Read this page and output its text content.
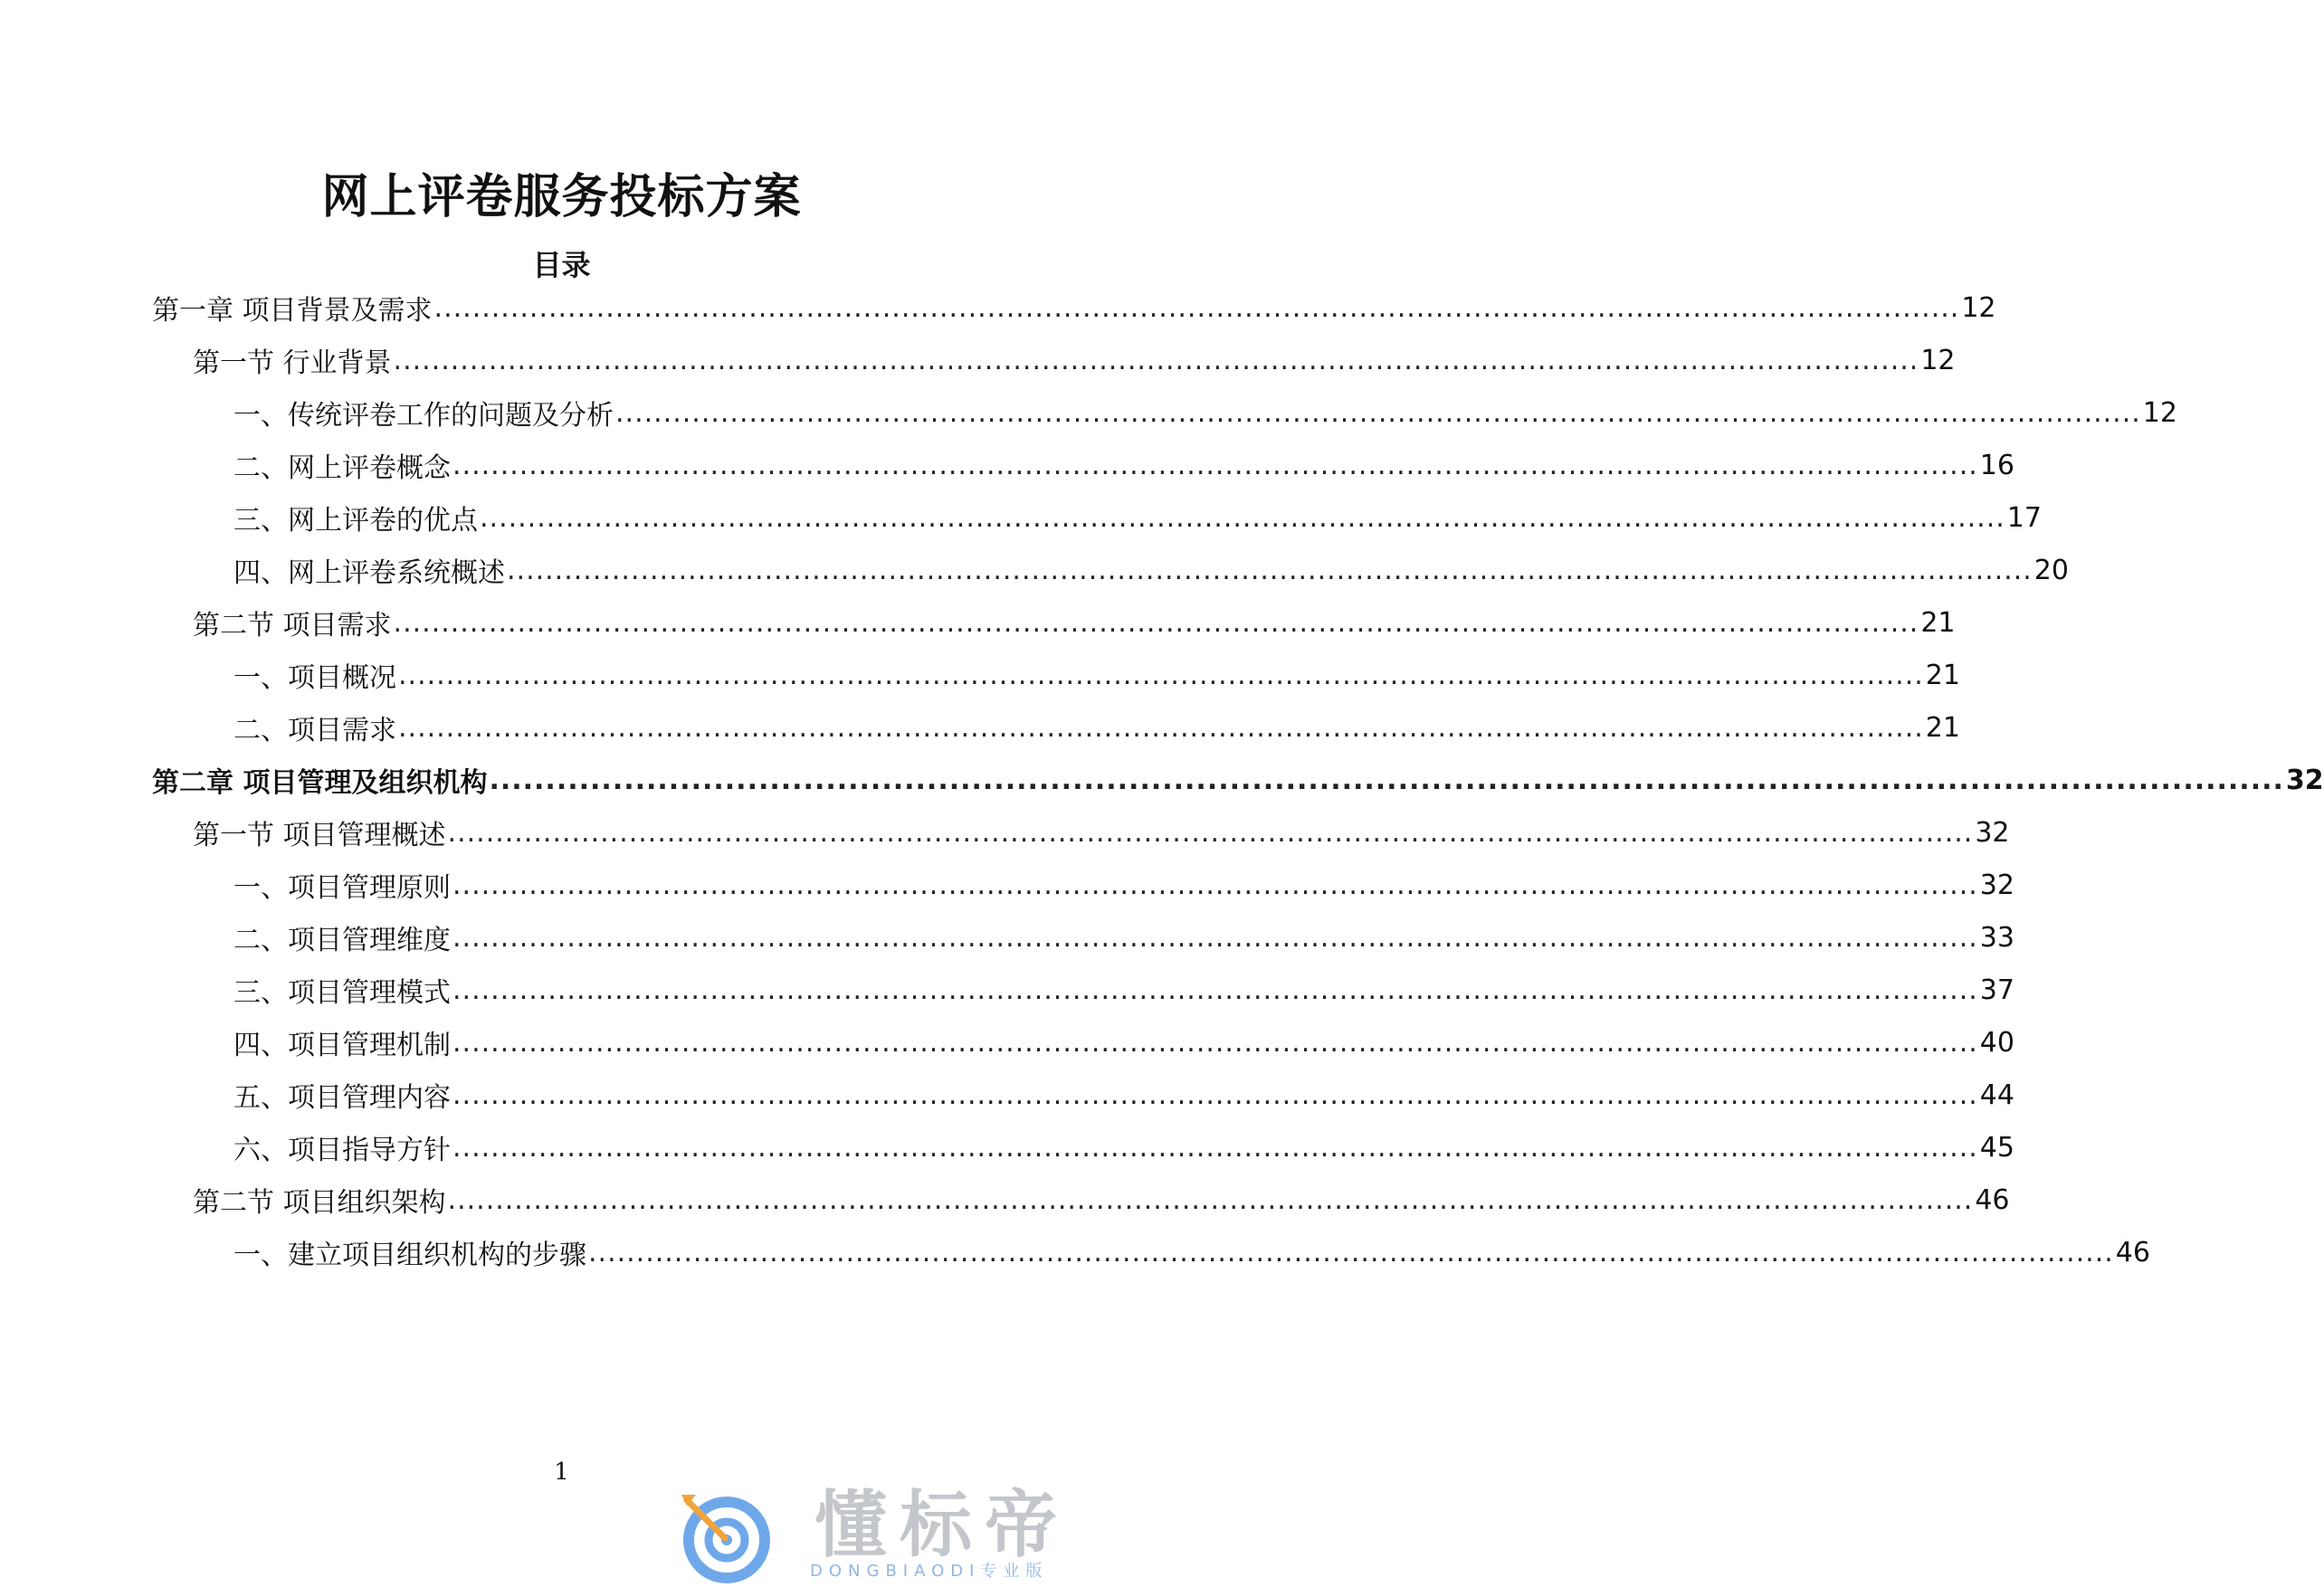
网上评卷服务投标方案
目录
第一章 项目背景及需求 ................................................................................................................................................................ 12
第一节 行业背景 ................................................................................................................................................................ 12
一、传统评卷工作的问题及分析 ................................................................................................................................................................ 12
二、网上评卷概念 ................................................................................................................................................................ 16
三、网上评卷的优点 ................................................................................................................................................................ 17
四、网上评卷系统概述 ................................................................................................................................................................ 20
第二节 项目需求 ................................................................................................................................................................ 21
一、项目概况 ................................................................................................................................................................ 21
二、项目需求 ................................................................................................................................................................ 21
第二章 项目管理及组织机构 ................................................................................................................................................................ 32
第一节 项目管理概述 ................................................................................................................................................................ 32
一、项目管理原则 ................................................................................................................................................................ 32
二、项目管理维度 ................................................................................................................................................................ 33
三、项目管理模式 ................................................................................................................................................................ 37
四、项目管理机制 ................................................................................................................................................................ 40
五、项目管理内容 ................................................................................................................................................................ 44
六、项目指导方针 ................................................................................................................................................................ 45
第二节 项目组织架构 ................................................................................................................................................................ 46
一、建立项目组织机构的步骤 ................................................................................................................................................................ 46
1
懂标帝
DONGBIAODI专业版
